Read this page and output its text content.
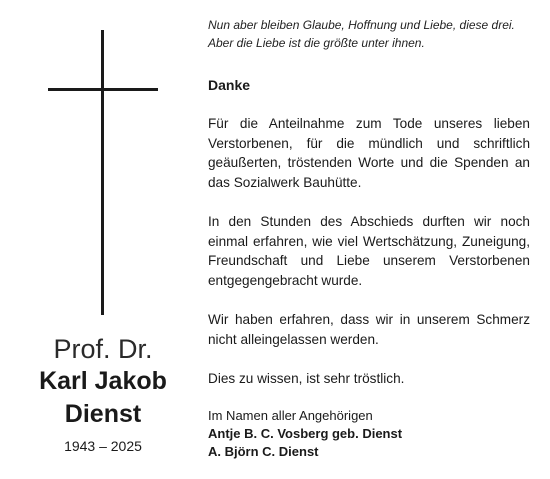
Prof. Dr.
Karl Jakob
Dienst
1943 – 2025
Nun aber bleiben Glaube, Hoffnung und Liebe, diese drei.
Aber die Liebe ist die größte unter ihnen.
Danke
Für die Anteilnahme zum Tode unseres lieben Verstorbenen, für die mündlich und schriftlich geäußerten, tröstenden Worte und die Spenden an das Sozialwerk Bauhütte.
In den Stunden des Abschieds durften wir noch einmal erfahren, wie viel Wertschätzung, Zuneigung, Freundschaft und Liebe unserem Verstorbenen entgegengebracht wurde.
Wir haben erfahren, dass wir in unserem Schmerz nicht alleingelassen werden.
Dies zu wissen, ist sehr tröstlich.
Im Namen aller Angehörigen
Antje B. C. Vosberg geb. Dienst
A. Björn C. Dienst
